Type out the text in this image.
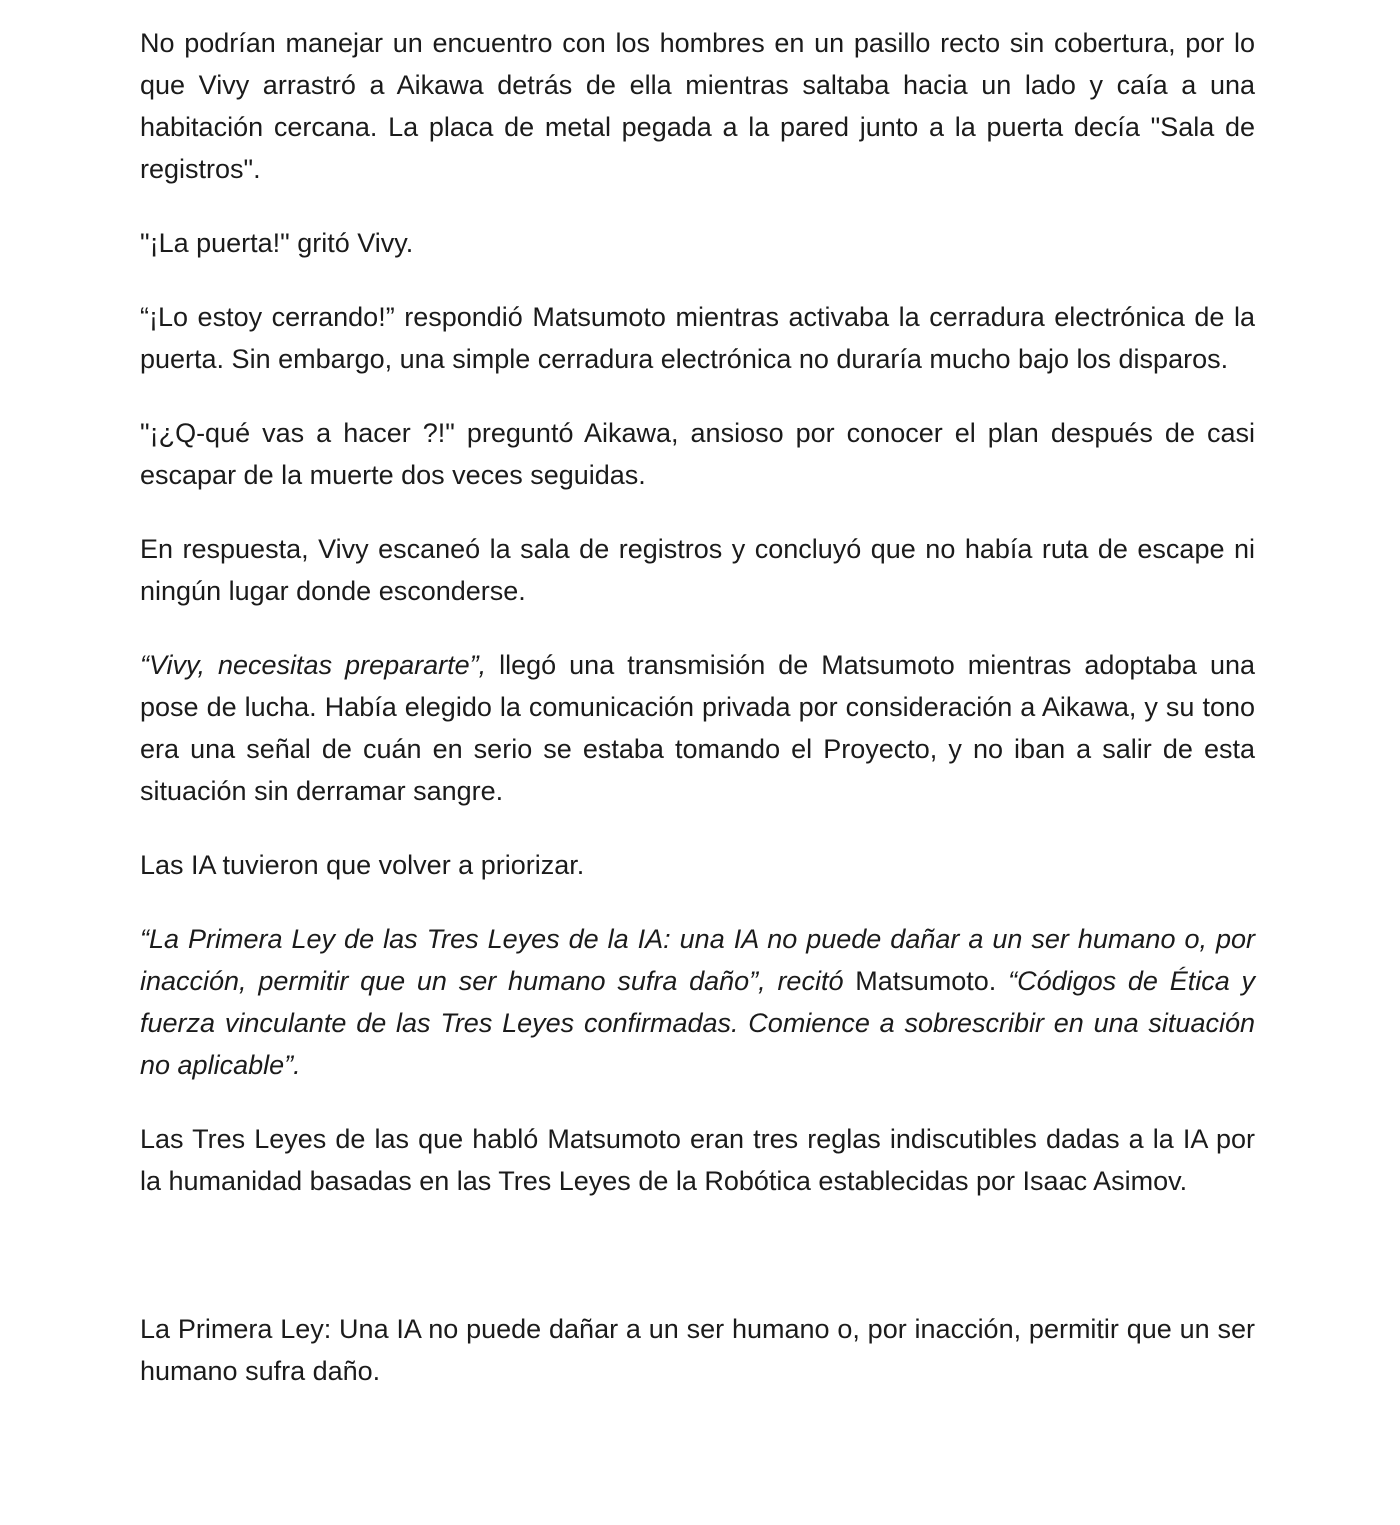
No podrían manejar un encuentro con los hombres en un pasillo recto sin cobertura, por lo que Vivy arrastró a Aikawa detrás de ella mientras saltaba hacia un lado y caía a una habitación cercana. La placa de metal pegada a la pared junto a la puerta decía "Sala de registros".

"¡La puerta!" gritó Vivy.

“¡Lo estoy cerrando!” respondió Matsumoto mientras activaba la cerradura electrónica de la puerta. Sin embargo, una simple cerradura electrónica no duraría mucho bajo los disparos.

"¡¿Q-qué vas a hacer ?!" preguntó Aikawa, ansioso por conocer el plan después de casi escapar de la muerte dos veces seguidas.

En respuesta, Vivy escaneó la sala de registros y concluyó que no había ruta de escape ni ningún lugar donde esconderse.

“Vivy, necesitas prepararte”, llegó una transmisión de Matsumoto mientras adoptaba una pose de lucha. Había elegido la comunicación privada por consideración a Aikawa, y su tono era una señal de cuán en serio se estaba tomando el Proyecto, y no iban a salir de esta situación sin derramar sangre.

Las IA tuvieron que volver a priorizar.

“La Primera Ley de las Tres Leyes de la IA: una IA no puede dañar a un ser humano o, por inacción, permitir que un ser humano sufra daño”, recitó Matsumoto. “Códigos de Ética y fuerza vinculante de las Tres Leyes confirmadas. Comience a sobrescribir en una situación no aplicable”.

Las Tres Leyes de las que habló Matsumoto eran tres reglas indiscutibles dadas a la IA por la humanidad basadas en las Tres Leyes de la Robótica establecidas por Isaac Asimov.

La Primera Ley: Una IA no puede dañar a un ser humano o, por inacción, permitir que un ser humano sufra daño.
